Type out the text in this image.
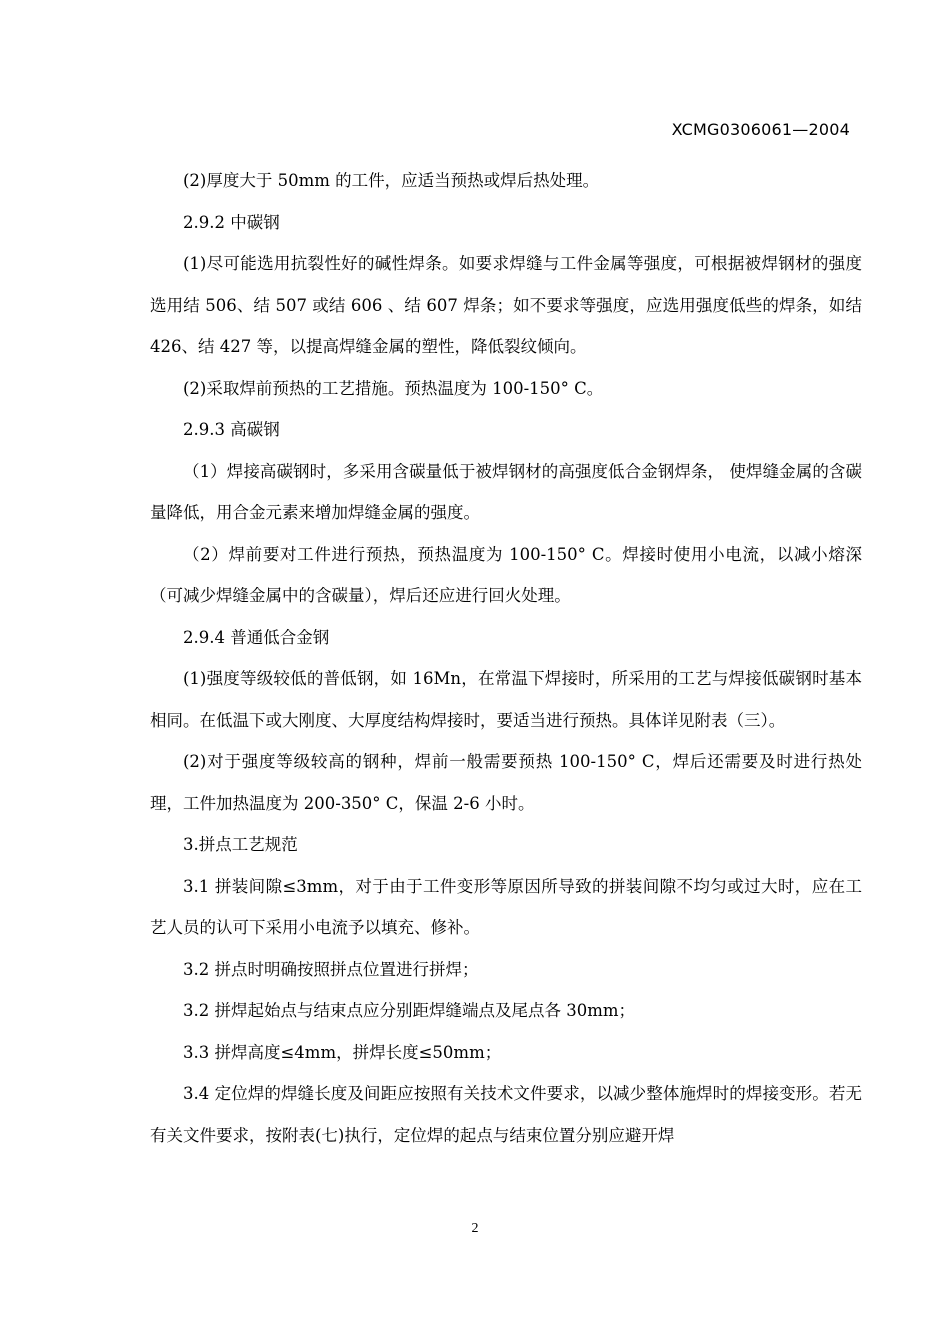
XCMG0306061—2004

(2)厚度大于 50mm 的工件，应适当预热或焊后热处理。

2.9.2 中碳钢

(1)尽可能选用抗裂性好的碱性焊条。如要求焊缝与工件金属等强度，可根据被焊钢材的强度选用结 506、结 507 或结 606 、结 607 焊条；如不要求等强度，应选用强度低些的焊条，如结 426、结 427 等，以提高焊缝金属的塑性，降低裂纹倾向。

(2)采取焊前预热的工艺措施。预热温度为 100-150° C。

2.9.3 高碳钢

（1）焊接高碳钢时，多采用含碳量低于被焊钢材的高强度低合金钢焊条， 使焊缝金属的含碳量降低，用合金元素来增加焊缝金属的强度。

（2）焊前要对工件进行预热，预热温度为 100-150° C。焊接时使用小电流，以减小熔深（可减少焊缝金属中的含碳量），焊后还应进行回火处理。

2.9.4 普通低合金钢

(1)强度等级较低的普低钢，如 16Mn，在常温下焊接时，所采用的工艺与焊接低碳钢时基本相同。在低温下或大刚度、大厚度结构焊接时，要适当进行预热。具体详见附表（三）。

(2)对于强度等级较高的钢种，焊前一般需要预热 100-150° C，焊后还需要及时进行热处理，工件加热温度为 200-350° C，保温 2-6 小时。

3.拼点工艺规范

3.1 拼装间隙≤3mm，对于由于工件变形等原因所导致的拼装间隙不均匀或过大时，应在工艺人员的认可下采用小电流予以填充、修补。

3.2 拼点时明确按照拼点位置进行拼焊；

3.2 拼焊起始点与结束点应分别距焊缝端点及尾点各 30mm；

3.3 拼焊高度≤4mm，拼焊长度≤50mm；

3.4 定位焊的焊缝长度及间距应按照有关技术文件要求，以减少整体施焊时的焊接变形。若无有关文件要求，按附表(七)执行，定位焊的起点与结束位置分别应避开焊

2
